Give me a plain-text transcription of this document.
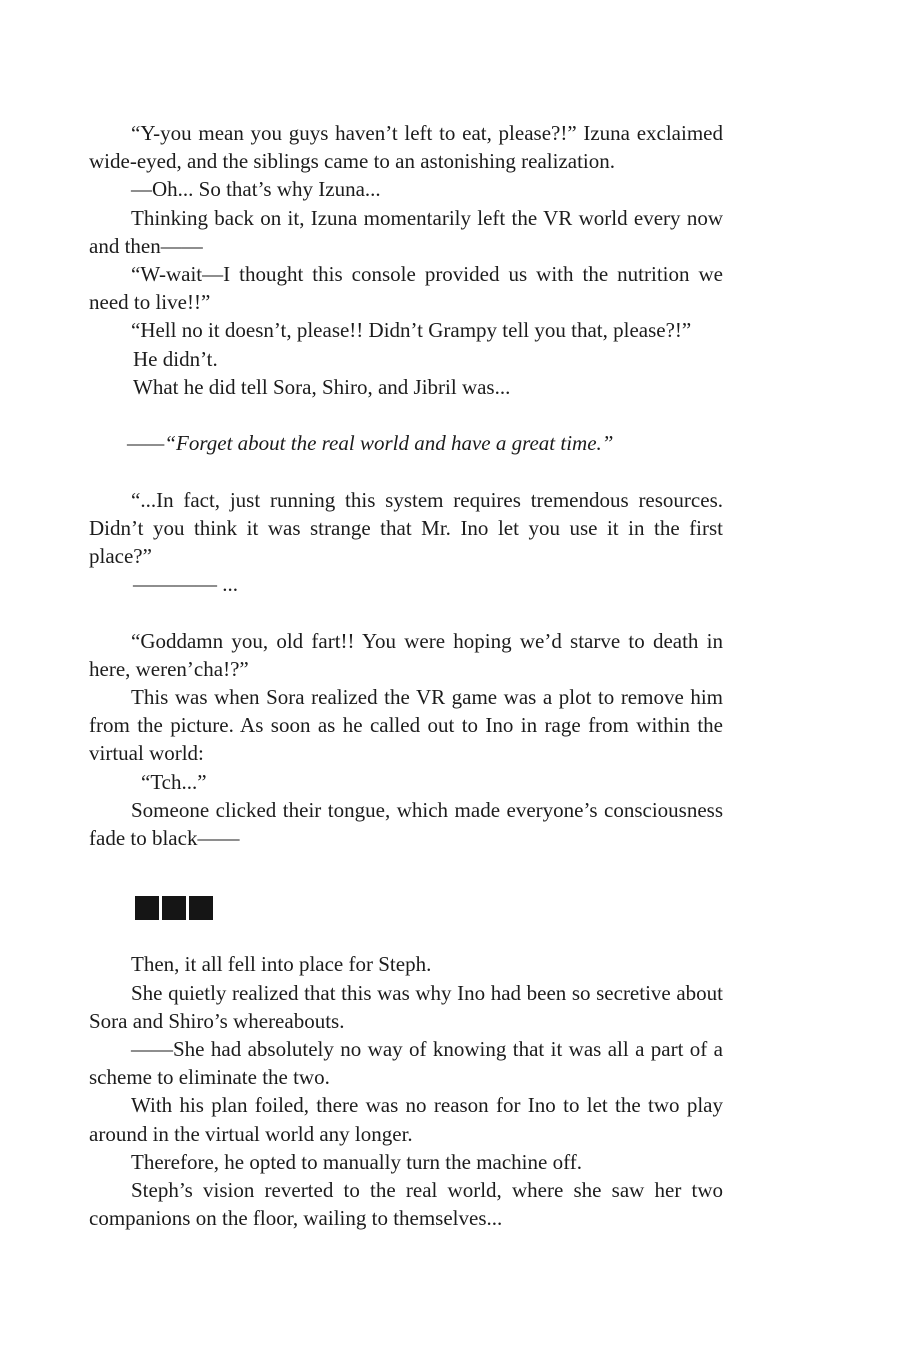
“Y-you mean you guys haven’t left to eat, please?!” Izuna exclaimed wide-eyed, and the siblings came to an astonishing realization.

—Oh... So that’s why Izuna...

Thinking back on it, Izuna momentarily left the VR world every now and then——

“W-wait—I thought this console provided us with the nutrition we need to live!!”

“Hell no it doesn’t, please!! Didn’t Grampy tell you that, please?!”

He didn’t.

What he did tell Sora, Shiro, and Jibril was...

——“Forget about the real world and have a great time.”

“...In fact, just running this system requires tremendous resources. Didn’t you think it was strange that Mr. Ino let you use it in the first place?”

———— ...

“Goddamn you, old fart!! You were hoping we’d starve to death in here, weren’cha!?”

This was when Sora realized the VR game was a plot to remove him from the picture. As soon as he called out to Ino in rage from within the virtual world:

“Tch...”

Someone clicked their tongue, which made everyone’s consciousness fade to black——

Then, it all fell into place for Steph.

She quietly realized that this was why Ino had been so secretive about Sora and Shiro’s whereabouts.

——She had absolutely no way of knowing that it was all a part of a scheme to eliminate the two.

With his plan foiled, there was no reason for Ino to let the two play around in the virtual world any longer.

Therefore, he opted to manually turn the machine off.

Steph’s vision reverted to the real world, where she saw her two companions on the floor, wailing to themselves...
